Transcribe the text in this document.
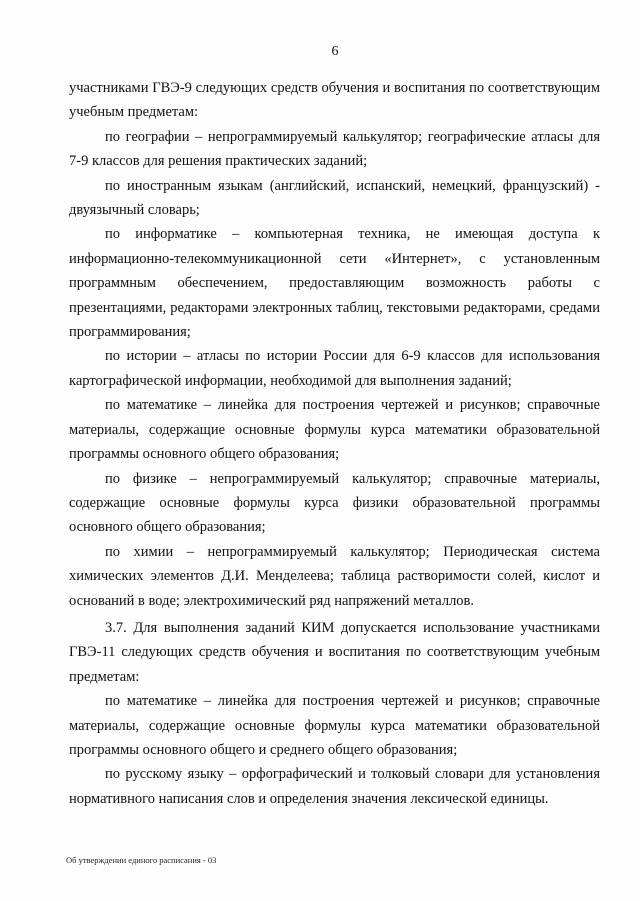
6

участниками ГВЭ-9 следующих средств обучения и воспитания по соответствующим учебным предметам:

по географии – непрограммируемый калькулятор; географические атласы для 7-9 классов для решения практических заданий;

по иностранным языкам (английский, испанский, немецкий, французский) - двуязычный словарь;

по информатике – компьютерная техника, не имеющая доступа к информационно-телекоммуникационной сети «Интернет», с установленным программным обеспечением, предоставляющим возможность работы с презентациями, редакторами электронных таблиц, текстовыми редакторами, средами программирования;

по истории – атласы по истории России для 6-9 классов для использования картографической информации, необходимой для выполнения заданий;

по математике – линейка для построения чертежей и рисунков; справочные материалы, содержащие основные формулы курса математики образовательной программы основного общего образования;

по физике – непрограммируемый калькулятор; справочные материалы, содержащие основные формулы курса физики образовательной программы основного общего образования;

по химии – непрограммируемый калькулятор; Периодическая система химических элементов Д.И. Менделеева; таблица растворимости солей, кислот и оснований в воде; электрохимический ряд напряжений металлов.

3.7. Для выполнения заданий КИМ допускается использование участниками ГВЭ-11 следующих средств обучения и воспитания по соответствующим учебным предметам:

по математике – линейка для построения чертежей и рисунков; справочные материалы, содержащие основные формулы курса математики образовательной программы основного общего и среднего общего образования;

по русскому языку – орфографический и толковый словари для установления нормативного написания слов и определения значения лексической единицы.

Об утверждении единого расписания - 03
